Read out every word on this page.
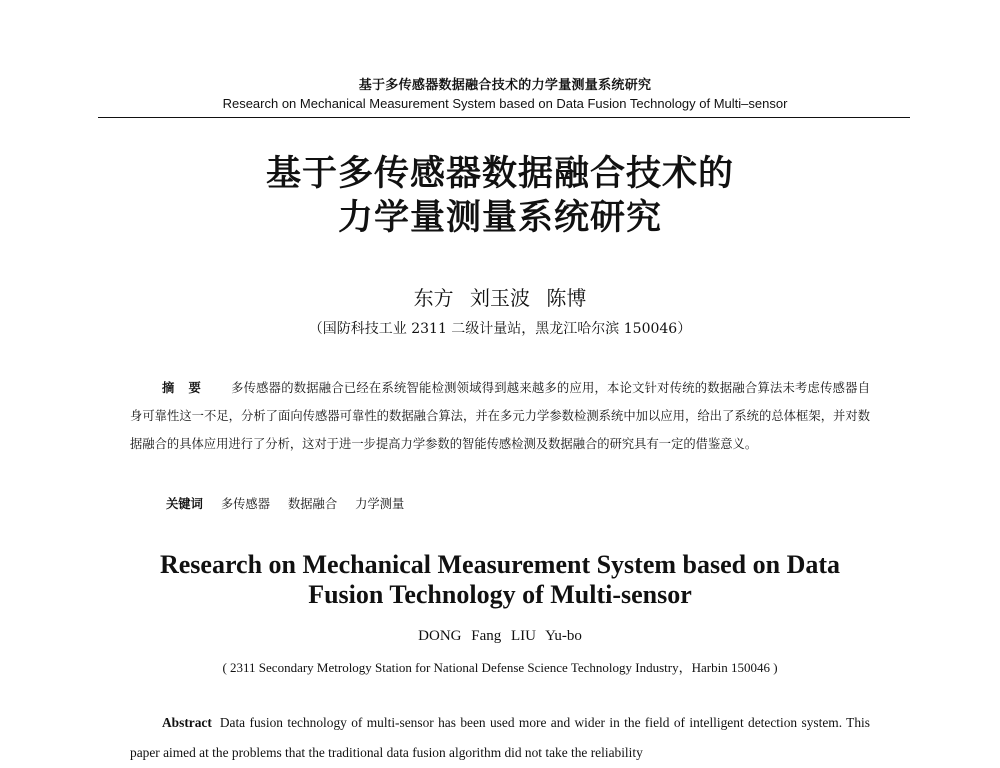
基于多传感器数据融合技术的力学量测量系统研究
Research on Mechanical Measurement System based on Data Fusion Technology of Multi–sensor
基于多传感器数据融合技术的
力学量测量系统研究
东方 刘玉波 陈博
（国防科技工业 2311 二级计量站，黑龙江哈尔滨 150046）
摘要 多传感器的数据融合已经在系统智能检测领域得到越来越多的应用，本论文针对传统的数据融合算法未考虑传感器自身可靠性这一不足，分析了面向传感器可靠性的数据融合算法，并在多元力学参数检测系统中加以应用，给出了系统的总体框架，并对数据融合的具体应用进行了分析，这对于进一步提高力学参数的智能传感检测及数据融合的研究具有一定的借鉴意义。
关键词 多传感器 数据融合 力学测量
Research on Mechanical Measurement System based on Data
Fusion Technology of Multi-sensor
DONG Fang LIU Yu-bo
( 2311 Secondary Metrology Station for National Defense Science Technology Industry，Harbin 150046 )
Abstract Data fusion technology of multi-sensor has been used more and wider in the field of intelligent detection system. This paper aimed at the problems that the traditional data fusion algorithm did not take the reliability
